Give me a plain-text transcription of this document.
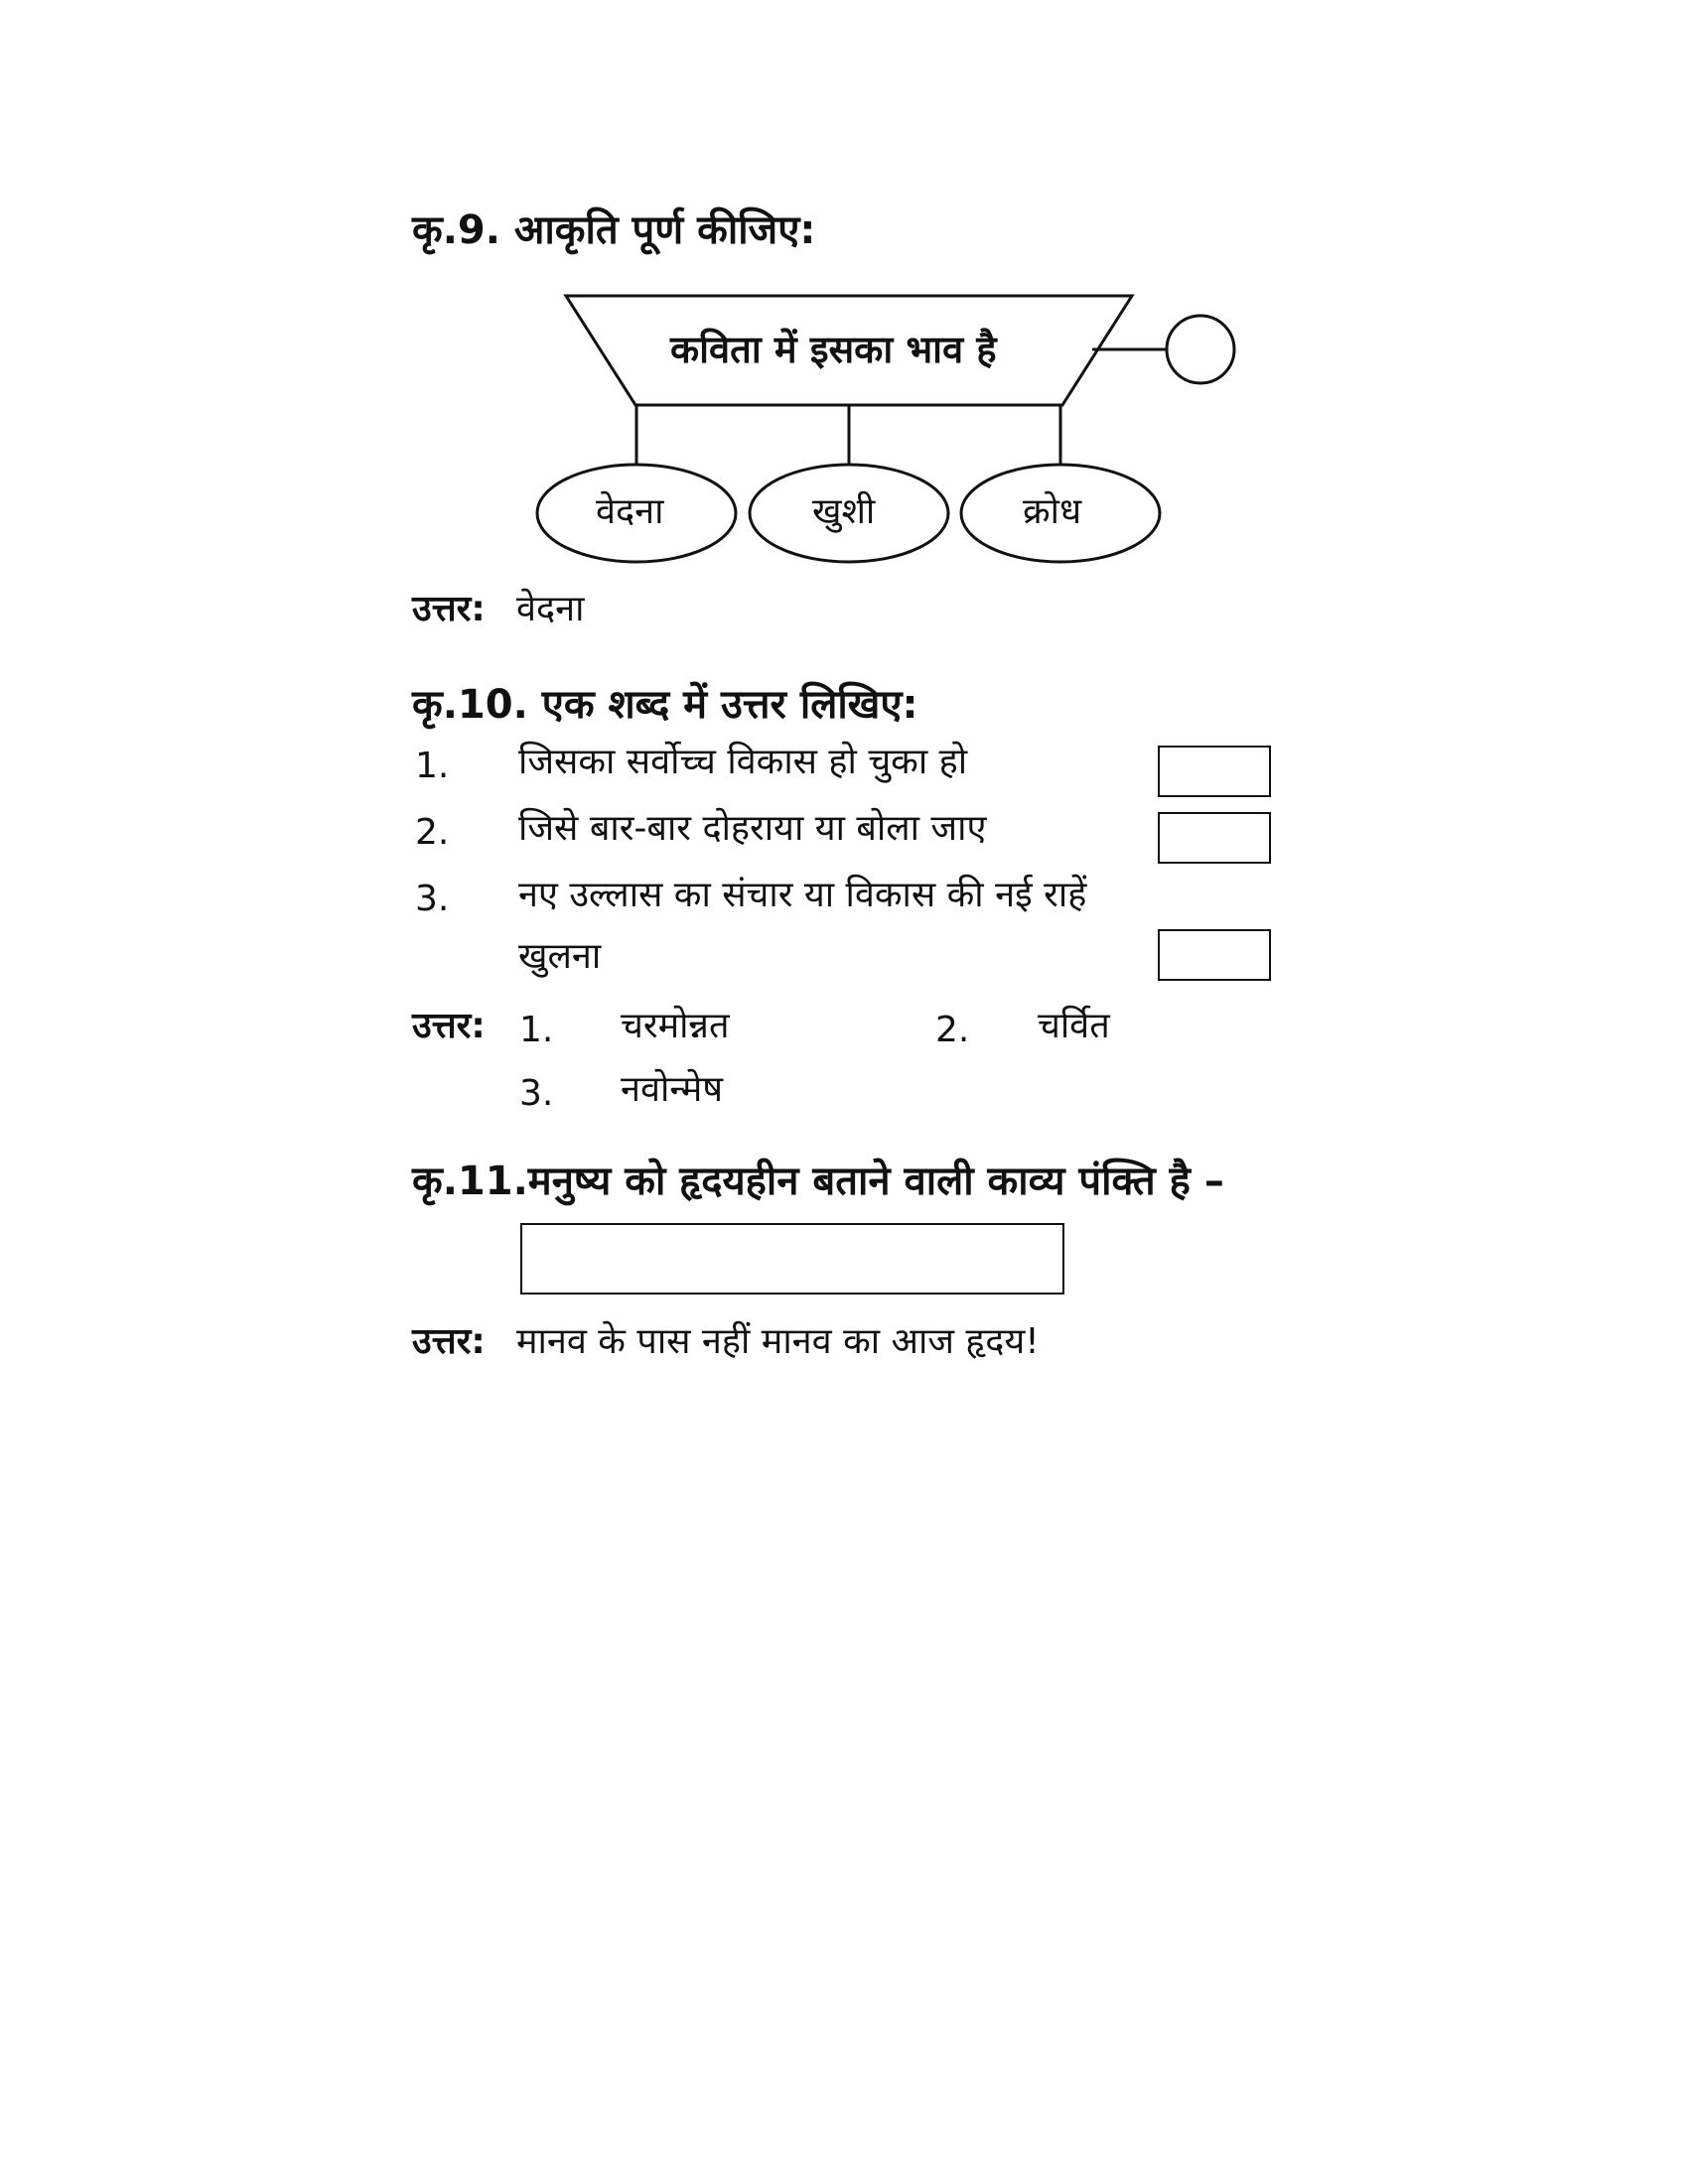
कृ.9. आकृति पूर्ण कीजिए:
कविता में इसका भाव है
वेदना	खुशी	क्रोध
उत्तर: वेदना
कृ.10. एक शब्द में उत्तर लिखिए:
1. जिसका सर्वोच्च विकास हो चुका हो
2. जिसे बार-बार दोहराया या बोला जाए
3. नए उल्लास का संचार या विकास की नई राहें
खुलना
उत्तर: 1. चरमोन्नत	2. चर्वित
3. नवोन्मेष
कृ.11.मनुष्य को हृदयहीन बताने वाली काव्य पंक्ति है –
उत्तर: मानव के पास नहीं मानव का आज हृदय!
